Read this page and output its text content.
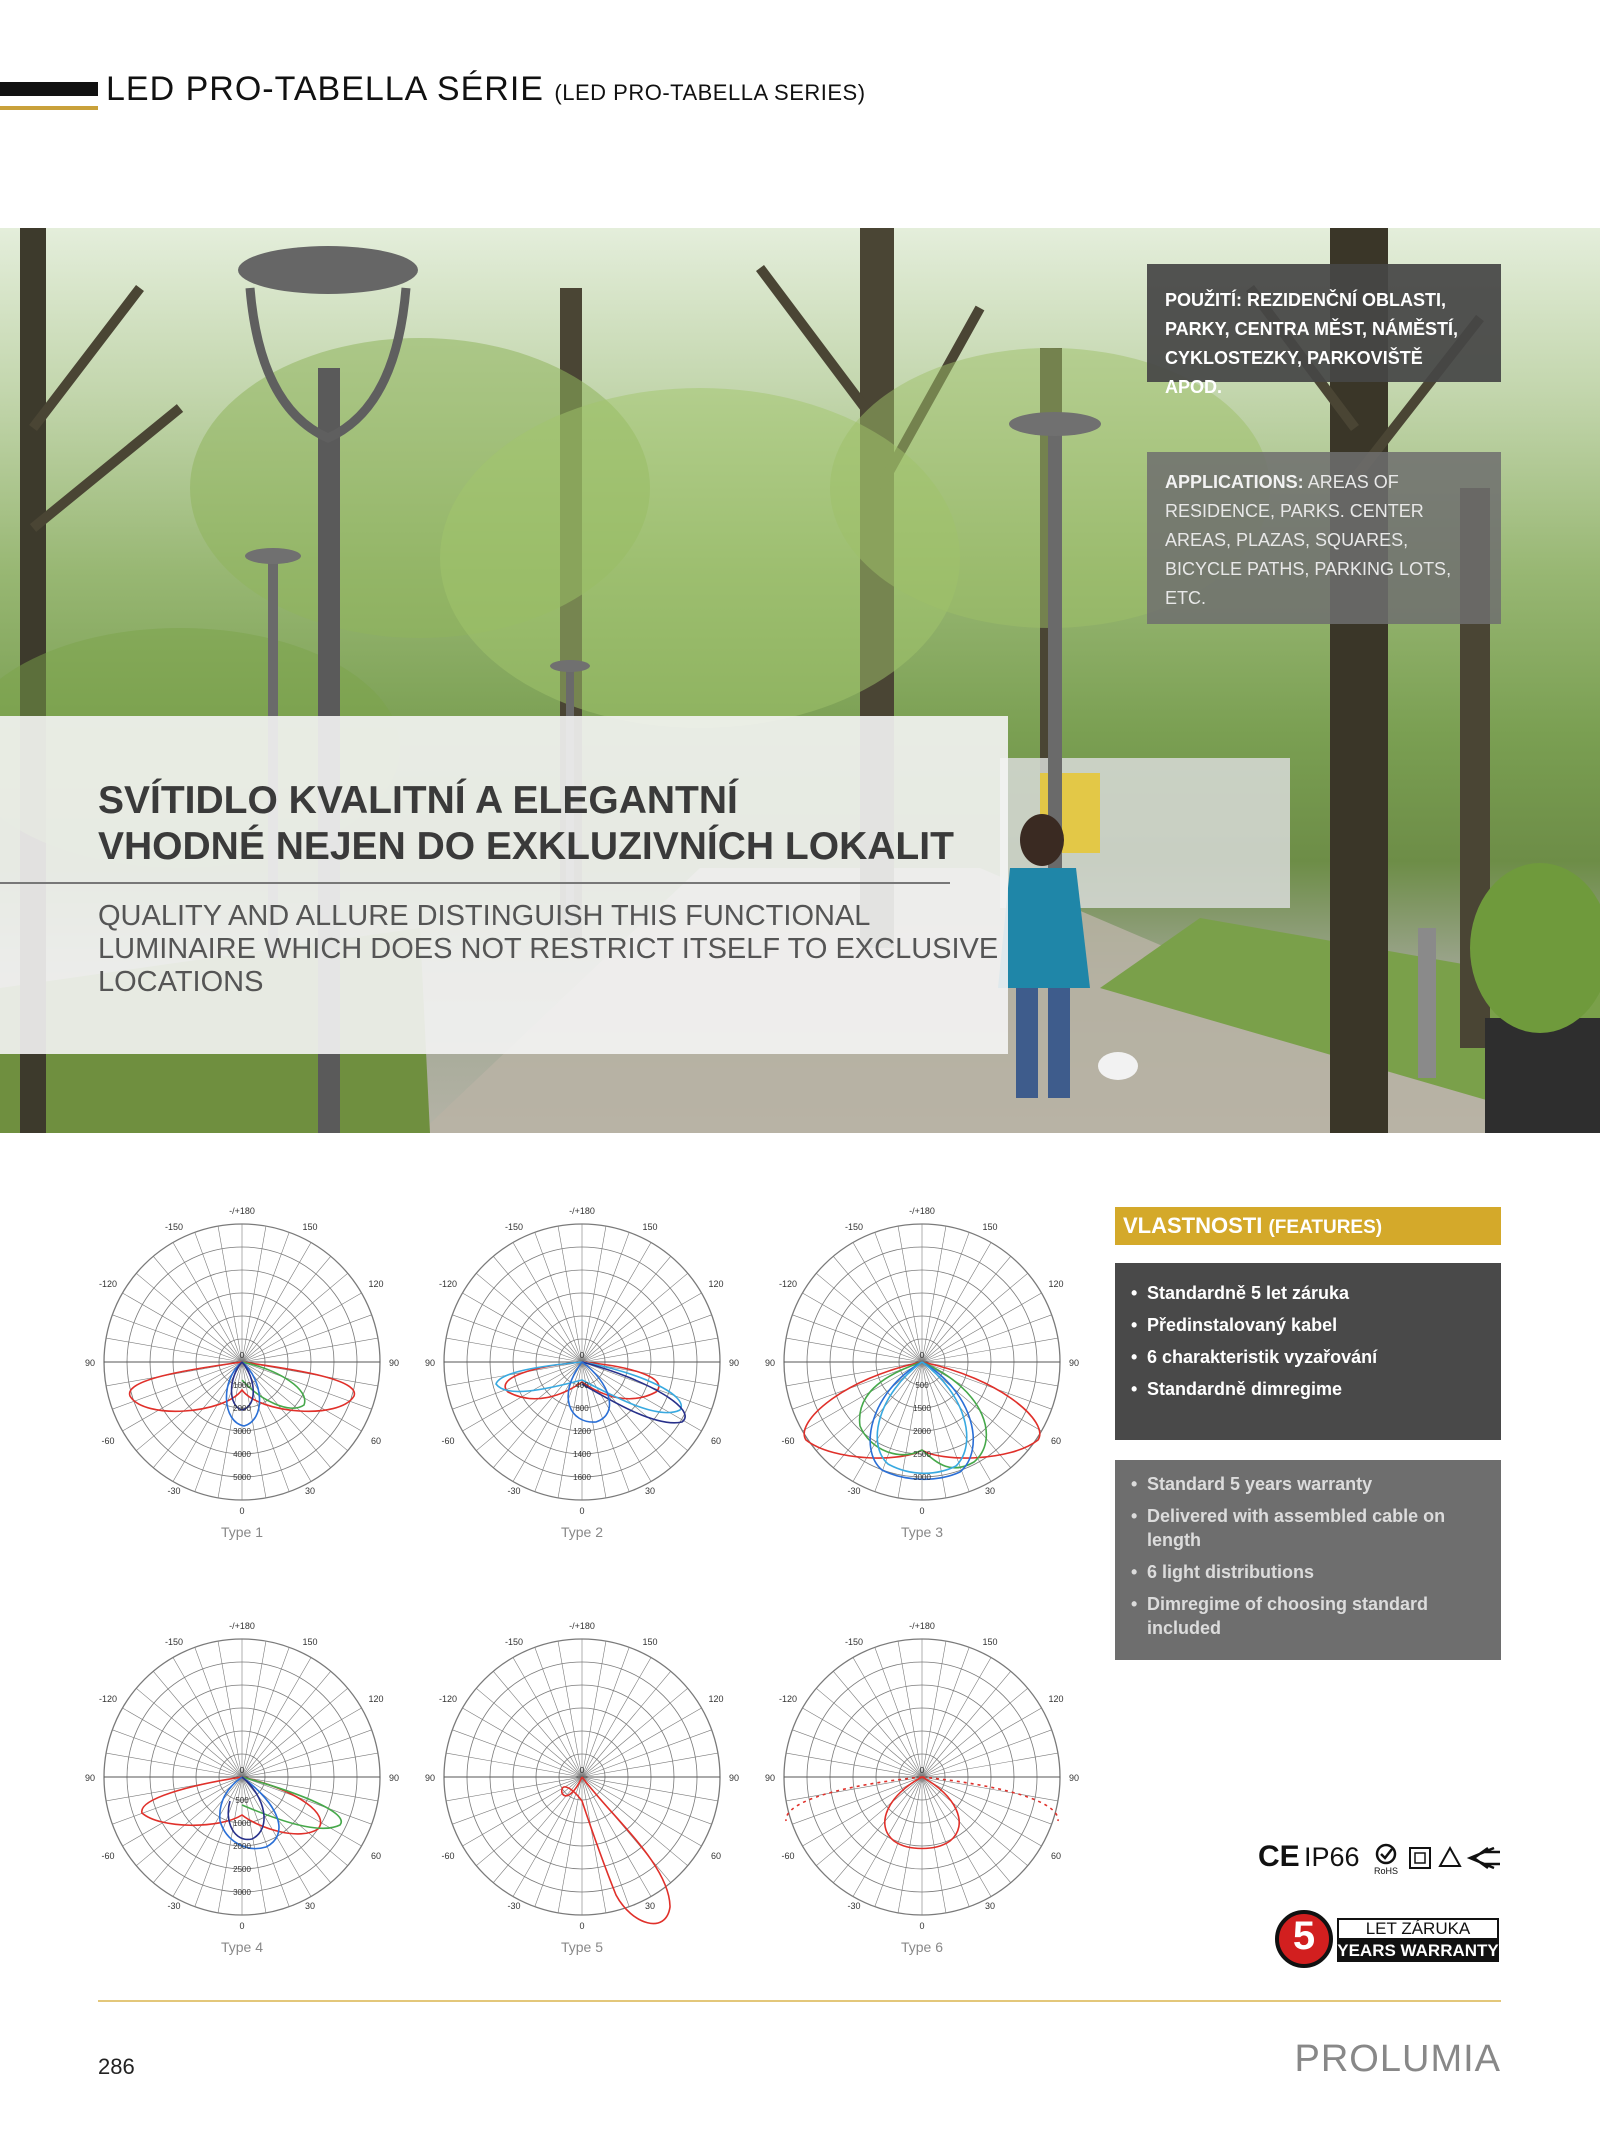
LED PRO-TABELLA SÉRIE (LED PRO-TABELLA SERIES)
SVÍTIDLO KVALITNÍ A ELEGANTNÍ
VHODNÉ NEJEN DO EXKLUZIVNÍCH LOKALIT
QUALITY AND ALLURE DISTINGUISH THIS FUNCTIONAL
LUMINAIRE WHICH DOES NOT RESTRICT ITSELF TO EXCLUSIVE
LOCATIONS
POUŽITÍ: REZIDENČNÍ OBLASTI, PARKY, CENTRA MĚST, NÁMĚSTÍ, CYKLOSTEZKY, PARKOVIŠTĚ APOD.
APPLICATIONS: AREAS OF RESIDENCE, PARKS. CENTER AREAS, PLAZAS, SQUARES, BICYCLE PATHS, PARKING LOTS, ETC.
-/+180
-150	150
-120	120
90	90
-60	60
-30	30
0
0
1000
2000
3000
4000
5000
Type 1
-/+180
-150	150
-120	120
90	90
-60	60
-30	30
0
0
400
800
1200
1400
1600
Type 2
-/+180
-150	150
-120	120
90	90
-60	60
-30	30
0
0
500
1500
2000
2500
3000
Type 3
-/+180
-150	150
-120	120
90	90
-60	60
-30	30
0
0
500
1000
2000
2500
3000
Type 4
-/+180
-150	150
-120	120
90	90
-60	60
-30	30
0
0
Type 5
-/+180
-150	150
-120	120
90	90
-60	60
-30	30
0
0
Type 6
VLASTNOSTI (FEATURES)
• Standardně 5 let záruka
• Předinstalovaný kabel
• 6 charakteristik vyzařování
• Standardně dimregime
• Standard 5 years warranty
• Delivered with assembled cable on length
• 6 light distributions
• Dimregime of choosing standard included
CE IP66 RoHS
5	LET ZÁRUKA
YEARS WARRANTY
286	PROLUMIA
